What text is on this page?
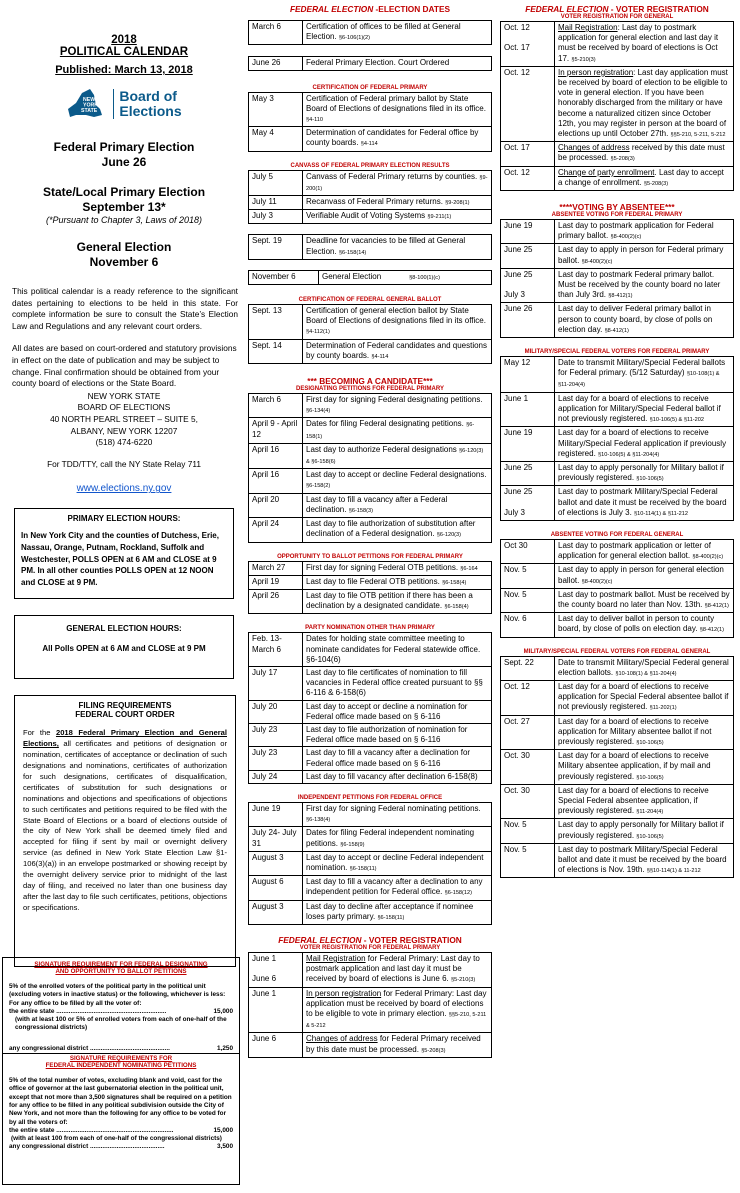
2018
POLITICAL CALENDAR
Published: March 13, 2018
NEW
YORK
STATE
Board of
Elections
Federal Primary Election
June 26
State/Local Primary Election
September 13*
(*Pursuant to Chapter 3, Laws of 2018)
General Election
November 6

This political calendar is a ready reference to the significant dates pertaining to elections to be held in this state. For complete information be sure to consult the State’s Election Law and Regulations and any relevant court orders.

All dates are based on court-ordered and statutory provisions in effect on the date of publication and may be subject to change. Final confirmation should be obtained from your county board of elections or the State Board.

NEW YORK STATE
BOARD OF ELECTIONS
40 NORTH PEARL STREET – SUITE 5,
ALBANY, NEW YORK 12207
(518) 474-6220
For TDD/TTY, call the NY State Relay 711
www.elections.ny.gov
PRIMARY ELECTION HOURS:
In New York City and the counties of Dutchess, Erie, Nassau, Orange, Putnam, Rockland, Suffolk and Westchester, POLLS OPEN at 6 AM and CLOSE at 9 PM. In all other counties POLLS OPEN at 12 NOON and CLOSE at 9 PM.
GENERAL ELECTION HOURS:
All Polls OPEN at 6 AM and CLOSE at 9 PM
FILING REQUIREMENTS
FEDERAL COURT ORDER

For the 2018 Federal Primary Election and General Elections, all certificates and petitions of designation or nomination, certificates of acceptance or declination of such designations and nominations, certificates of authorization for such designations, certificates of disqualification, certificates of substitution for such designations or nominations and objections and specifications of objections to such certificates and petitions required to be filed with the State Board of Elections or a board of elections outside of the city of New York shall be deemed timely filed and accepted for filing if sent by mail or overnight delivery service (as defined in New York State Election Law §1-106(3)(a)) in an envelope postmarked or showing receipt by the overnight delivery service prior to midnight of the last day of filing, and received no later than one business day after the last day to file such certificates, petitions, objections or specifications.

SIGNATURE REQUIREMENT FOR FEDERAL DESIGNATING
AND OPPORTUNITY TO BALLOT PETITIONS

5% of the enrolled voters of the political party in the political unit (excluding voters in inactive status) or the following, whichever is less: For any office to be filled by all the voter of:

the entire state ..............................................................	15,000

(with at least 100 or 5% of enrolled voters from each of one-half of the congressional districts)

any congressional district .............................................	1,250
SIGNATURE REQUIREMENTS FOR
FEDERAL INDEPENDENT NOMINATING PETITIONS

5% of the total number of votes, excluding blank and void, cast for the office of governor at the last gubernatorial election in the political unit, except that not more than 3,500 signatures shall be required on a petition for any office to be filled in any political subdivision outside the City of New York, and not more than the following for any office to be voted for by all the voters of:

the entire state ..................................................................	15,000

(with at least 100 from each of one-half of the congressional districts)

any congressional district ..........................................	3,500
FEDERAL ELECTION -ELECTION DATES
March 6	Certification of offices to be filled at General Election. §6-106(1)(2)
June 26	Federal Primary Election. Court Ordered
CERTIFICATION OF FEDERAL PRIMARY
May 3	Certification of Federal primary ballot by State Board of Elections of designations filed in its office. §4-110
May 4	Determination of candidates for Federal office by county boards. §4-114
CANVASS OF FEDERAL PRIMARY ELECTION RESULTS
July 5	Canvass of Federal Primary returns by counties. §9-200(1)
July 11	Recanvass of Federal Primary returns. §9-208(1)
July 3	Verifiable Audit of Voting Systems §9-211(1)
Sept. 19	Deadline for vacancies to be filled at General Election. §6-158(14)
November 6	General Election	§8-100(1)(c)
CERTIFICATION OF FEDERAL GENERAL BALLOT
Sept. 13	Certification of general election ballot by State Board of Elections of designations filed in its office. §4-112(1)
Sept. 14	Determination of Federal candidates and questions by county boards. §4-114
*** BECOMING A CANDIDATE***
DESIGNATING PETITIONS FOR FEDERAL PRIMARY
March 6	First day for signing Federal designating petitions. §6-134(4)
April 9 - April 12	Dates for filing Federal designating petitions. §6-158(1)
April 16	Last day to authorize Federal designations §6-120(3) & §6-158(6)
April 16	Last day to accept or decline Federal designations. §6-158(2)
April 20	Last day to fill a vacancy after a Federal declination. §6-158(3)
April 24	Last day to file authorization of substitution after declination of a Federal designation. §6-120(3)
OPPORTUNITY TO BALLOT PETITIONS FOR FEDERAL PRIMARY
March 27	First day for signing Federal OTB petitions. §6-164
April 19	Last day to file Federal OTB petitions. §6-158(4)
April 26	Last day to file OTB petition if there has been a declination by a designated candidate. §6-158(4)
PARTY NOMINATION OTHER THAN PRIMARY
Feb. 13- March 6	Dates for holding state committee meeting to nominate candidates for Federal statewide office. §6-104(6)
July 17	Last day to file certificates of nomination to fill vacancies in Federal office created pursuant to §§ 6-116 & 6-158(6)
July 20	Last day to accept or decline a nomination for Federal office made based on § 6-116
July 23	Last day to file authorization of nomination for Federal office made based on § 6-116
July 23	Last day to fill a vacancy after a declination for Federal office made based on § 6-116
July 24	Last day to fill vacancy after declination 6-158(8)
INDEPENDENT PETITIONS FOR FEDERAL OFFICE
June 19	First day for signing Federal nominating petitions. §6-138(4)
July 24- July 31	Dates for filing Federal independent nominating petitions. §6-158(9)
August 3	Last day to accept or decline Federal independent nomination. §6-158(11)
August 6	Last day to fill a vacancy after a declination to any independent petition for Federal office. §6-158(12)
August 3	Last day to decline after acceptance if nominee loses party primary. §6-158(11)
FEDERAL ELECTION - VOTER REGISTRATION
VOTER REGISTRATION FOR FEDERAL PRIMARY
June 1
June 6	Mail Registration for Federal Primary: Last day to postmark application and last day it must be received by board of elections is June 6. §5-210(3)
June 1	In person registration for Federal Primary: Last day application must be received by board of elections to be eligible to vote in primary election. §§5-210, 5-211 & 5-212
June 6	Changes of address for Federal Primary received by this date must be processed. §5-208(3)
FEDERAL ELECTION - VOTER REGISTRATION
VOTER REGISTRATION FOR GENERAL
Oct. 12
Oct. 17	Mail Registration: Last day to postmark application for general election and last day it must be received by board of elections is Oct 17. §5-210(3)
Oct. 12	In person registration: Last day application must be received by board of election to be eligible to vote in general election. If you have been honorably discharged from the military or have become a naturalized citizen since October 12th, you may register in person at the board of elections up until October 27th. §§5-210, 5-211, 5-212
Oct. 17	Changes of address received by this date must be processed. §5-208(3)
Oct. 12	Change of party enrollment. Last day to accept a change of enrollment. §5-208(3)
****VOTING BY ABSENTEE***
ABSENTEE VOTING FOR FEDERAL PRIMARY
June 19	Last day to postmark application for Federal primary ballot. §8-400(2)(c)
June 25	Last day to apply in person for Federal primary ballot. §8-400(2)(c)
June 25

July 3	Last day to postmark Federal primary ballot. Must be received by the county board no later than July 3rd. §8-412(1)
June 26	Last day to deliver Federal primary ballot in person to county board, by close of polls on election day. §8-412(1)
MILITARY/SPECIAL FEDERAL VOTERS FOR FEDERAL PRIMARY
May 12	Date to transmit Military/Special Federal ballots for Federal primary. (5/12 Saturday) §10-108(1) & §11-204(4)
June 1	Last day for a board of elections to receive application for Military/Special Federal ballot if not previously registered. §10-106(5) & §11-202
June 19	Last day for a board of elections to receive Military/Special Federal application if previously registered. §10-106(5) & §11-204(4)
June 25	Last day to apply personally for Military ballot if previously registered. §10-106(5)
June 25

July 3	Last day to postmark Military/Special Federal ballot and date it must be received by the board of elections is July 3. §10-114(1) & §11-212
ABSENTEE VOTING FOR FEDERAL GENERAL
Oct 30	Last day to postmark application or letter of application for general election ballot. §8-400(2)(c)
Nov. 5	Last day to apply in person for general election ballot. §8-400(2)(c)
Nov. 5	Last day to postmark ballot. Must be received by the county board no later than Nov. 13th. §8-412(1)
Nov. 6	Last day to deliver ballot in person to county board, by close of polls on election day. §8-412(1)
MILITARY/SPECIAL FEDERAL VOTERS FOR FEDERAL GENERAL
Sept. 22	Date to transmit Military/Special Federal general election ballots. §10-108(1) & §11-204(4)
Oct. 12	Last day for a board of elections to receive application for Special Federal absentee ballot if not previously registered. §11-202(1)
Oct. 27	Last day for a board of elections to receive application for Military absentee ballot if not previously registered. §10-106(5)
Oct. 30	Last day for a board of elections to receive Military absentee application, if by mail and previously registered. §10-106(5)
Oct. 30	Last day for a board of elections to receive Special Federal absentee application, if previously registered. §11-204(4)
Nov. 5	Last day to apply personally for Military ballot if previously registered. §10-106(5)
Nov. 5	Last day to postmark Military/Special Federal ballot and date it must be received by the board of elections is Nov. 19th. §§10-114(1) & 11-212
